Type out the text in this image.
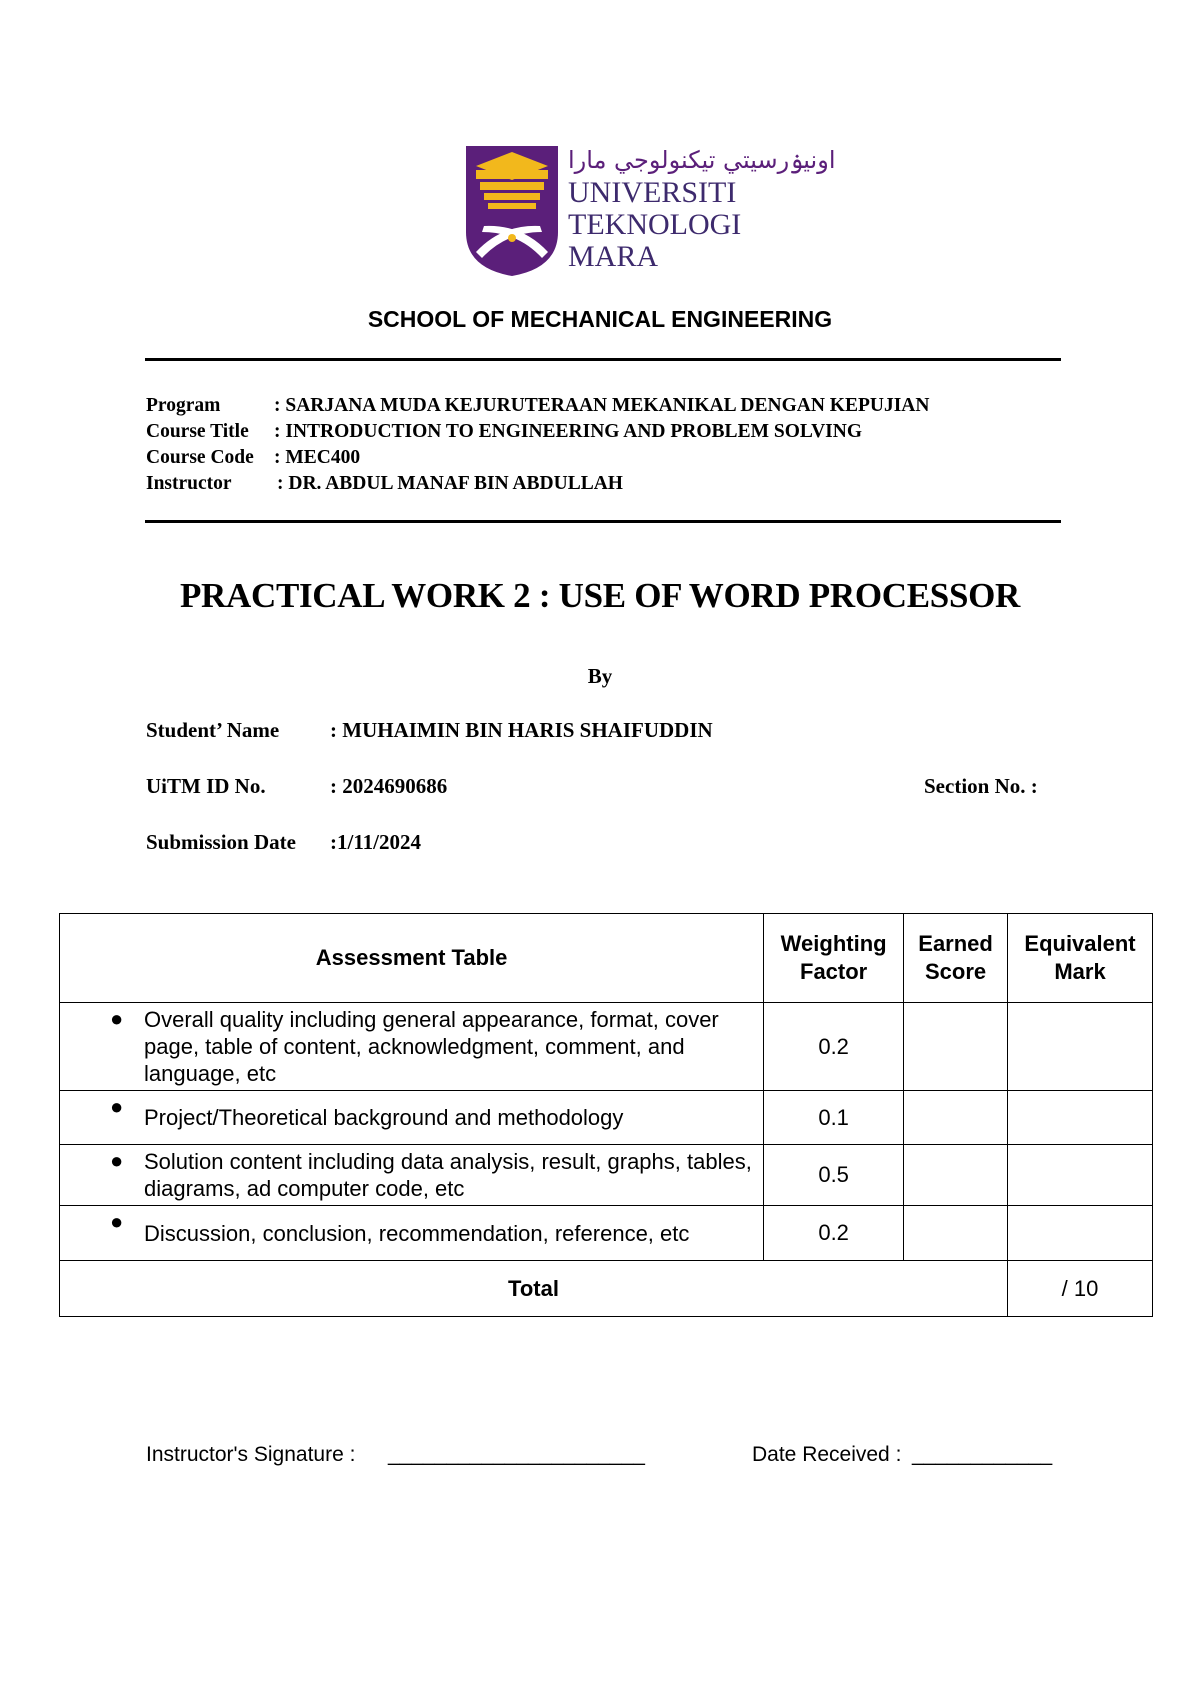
اونيۏرسيتي تيكنولوجي مارا
UNIVERSITI
TEKNOLOGI
MARA
SCHOOL OF MECHANICAL ENGINEERING
Program	: SARJANA MUDA KEJURUTERAAN MEKANIKAL DENGAN KEPUJIAN
Course Title : INTRODUCTION TO ENGINEERING AND PROBLEM SOLVING
Course Code : MEC400
Instructor : DR. ABDUL MANAF BIN ABDULLAH
PRACTICAL WORK 2 : USE OF WORD PROCESSOR
By
Student’ Name : MUHAIMIN BIN HARIS SHAIFUDDIN
UiTM ID No.	: 2024690686	Section No. :
Submission Date :1/11/2024
Assessment Table	Weighting Factor	Earned Score	Equivalent Mark

● Overall quality including general appearance, format, cover page, table of content, acknowledgment, comment, and language, etc	0.2		

● Project/Theoretical background and methodology	0.1		

● Solution content including data analysis, result, graphs, tables, diagrams, ad computer code, etc	0.5		

● Discussion, conclusion, recommendation, reference, etc	0.2		
Total			/ 10
Instructor's Signature : ______________________	Date Received : ____________
